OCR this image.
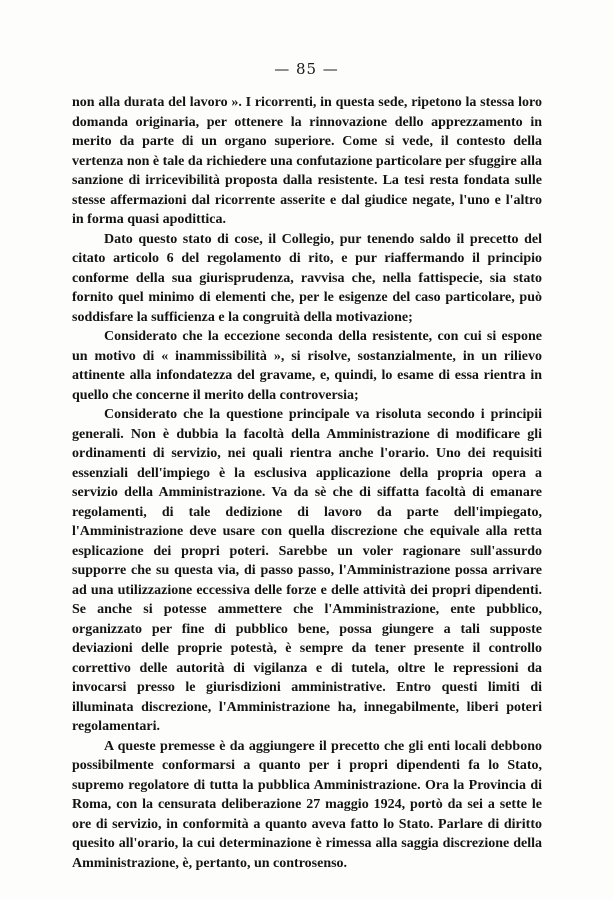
— 85 —

non alla durata del lavoro ». I ricorrenti, in questa sede, ripetono la stessa loro domanda originaria, per ottenere la rinnovazione dello apprezzamento in merito da parte di un organo superiore. Come si vede, il contesto della vertenza non è tale da richiedere una confutazione particolare per sfuggire alla sanzione di irricevibilità proposta dalla resistente. La tesi resta fondata sulle stesse affermazioni dal ricorrente asserite e dal giudice negate, l'uno e l'altro in forma quasi apodittica.

Dato questo stato di cose, il Collegio, pur tenendo saldo il precetto del citato articolo 6 del regolamento di rito, e pur riaffermando il principio conforme della sua giurisprudenza, ravvisa che, nella fattispecie, sia stato fornito quel minimo di elementi che, per le esigenze del caso particolare, può soddisfare la sufficienza e la congruità della motivazione;

Considerato che la eccezione seconda della resistente, con cui si espone un motivo di « inammissibilità », si risolve, sostanzialmente, in un rilievo attinente alla infondatezza del gravame, e, quindi, lo esame di essa rientra in quello che concerne il merito della controversia;

Considerato che la questione principale va risoluta secondo i principii generali. Non è dubbia la facoltà della Amministrazione di modificare gli ordinamenti di servizio, nei quali rientra anche l'orario. Uno dei requisiti essenziali dell'impiego è la esclusiva applicazione della propria opera a servizio della Amministrazione. Va da sè che di siffatta facoltà di emanare regolamenti, di tale dedizione di lavoro da parte dell'impiegato, l'Amministrazione deve usare con quella discrezione che equivale alla retta esplicazione dei propri poteri. Sarebbe un voler ragionare sull'assurdo supporre che su questa via, di passo passo, l'Amministrazione possa arrivare ad una utilizzazione eccessiva delle forze e delle attività dei propri dipendenti. Se anche si potesse ammettere che l'Amministrazione, ente pubblico, organizzato per fine di pubblico bene, possa giungere a tali supposte deviazioni delle proprie potestà, è sempre da tener presente il controllo correttivo delle autorità di vigilanza e di tutela, oltre le repressioni da invocarsi presso le giurisdizioni amministrative. Entro questi limiti di illuminata discrezione, l'Amministrazione ha, innegabilmente, liberi poteri regolamentari.

A queste premesse è da aggiungere il precetto che gli enti locali debbono possibilmente conformarsi a quanto per i propri dipendenti fa lo Stato, supremo regolatore di tutta la pubblica Amministrazione. Ora la Provincia di Roma, con la censurata deliberazione 27 maggio 1924, portò da sei a sette le ore di servizio, in conformità a quanto aveva fatto lo Stato. Parlare di diritto quesito all'orario, la cui determinazione è rimessa alla saggia discrezione della Amministrazione, è, pertanto, un controsenso.
